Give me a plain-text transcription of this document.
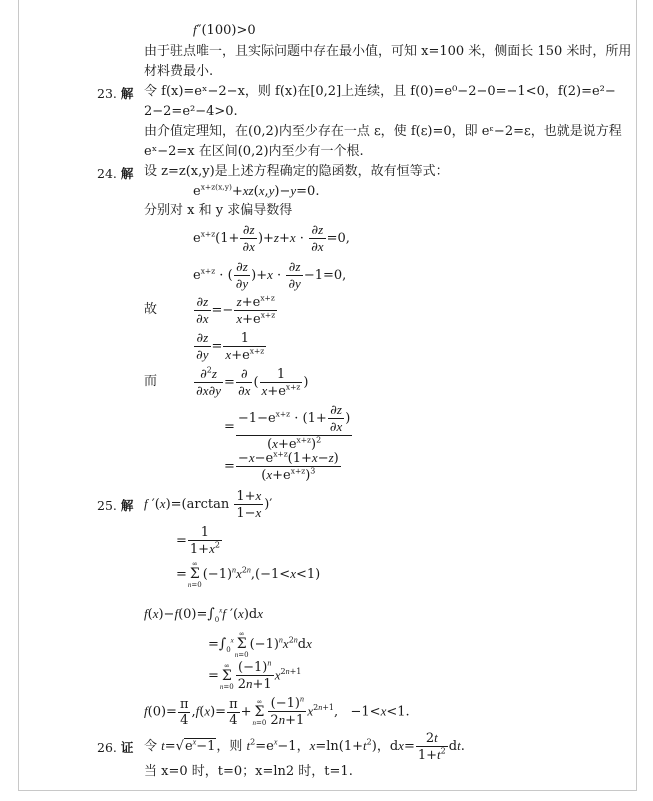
f″(100)>0
由于驻点唯一，且实际问题中存在最小值，可知 x=100 米，侧面长 150 米时，所用
材料费最小.
23. 解 令 f(x)=eˣ−2−x，则 f(x)在[0,2]上连续，且 f(0)=e⁰−2−0=−1<0，f(2)=e²−
2−2=e²−4>0.
由介值定理知，在(0,2)内至少存在一点 ε，使 f(ε)=0，即 eᵋ−2=ε，也就是说方程
eˣ−2=x 在区间(0,2)内至少有一个根.
24. 解 设 z=z(x,y)是上述方程确定的隐函数，故有恒等式：
$e^{x+z(x,y)}+xz(x,y)-y=0$.
分别对 x 和 y 求偏导数得
$e^{x+z}(1+ \frac{\partial z}{\partial x} )+z+x \cdot \frac{\partial z}{\partial x} =0$,
$e^{x+z}$ · ( $\frac{\partial z}{\partial y} )+x \cdot \frac{\partial z}{\partial y} -1=0$,
故	$\frac{\partial z}{\partial x} =- \frac{z+e^{x+z}}{x+e^{x+z}}$
$\frac{\partial z}{\partial y} = \frac{1}{x+e^{x+z}}$
而	$\frac{\partial^2z}{\partial x\partial y} = \frac{\partial}{\partial x}$ ( $\frac{1}{x+e^{x+z}}$ )
= $\frac{-1-e^{x+z} \cdot (1+ \frac{\partial z}{\partial x} )}{(x+e^{x+z})^2}$
= $\frac{-x-e^{x+z}(1+x-z)}{(x+e^{x+z})^3}$
25. 解 f $'(x)=(\arctan \frac{1+x}{1-x}$ )′
= $\frac{1}{1+x^2}$
=∞
Σ
$n=0(-1)^nx^{2n},(-1<x<1)$
$f(x)-f(0)=\int_0^xf$ ′(x)dx
$=\int_0^x\infty$
Σ
$n=0(-1)^nx^{2n}dx$
=∞
Σ
$n=0 \frac{(-1)^n}{2n+1} x^{2n+1}$
$f(0)= \frac{\pi}{4} ,f(x)= \frac{\pi}{4}$ +∞
Σ
$n=0 \frac{(-1)^n}{2n+1} x^{2n+1}$,   −1<x<1.
26. 证 令 $t=√e^x-1$，则 $t^2=e^x-1$，$x=\ln(1+t^2)$，$dx= \frac{2t}{1+t^2}$ dt.
当 x=0 时，t=0；x=ln2 时，t=1.
